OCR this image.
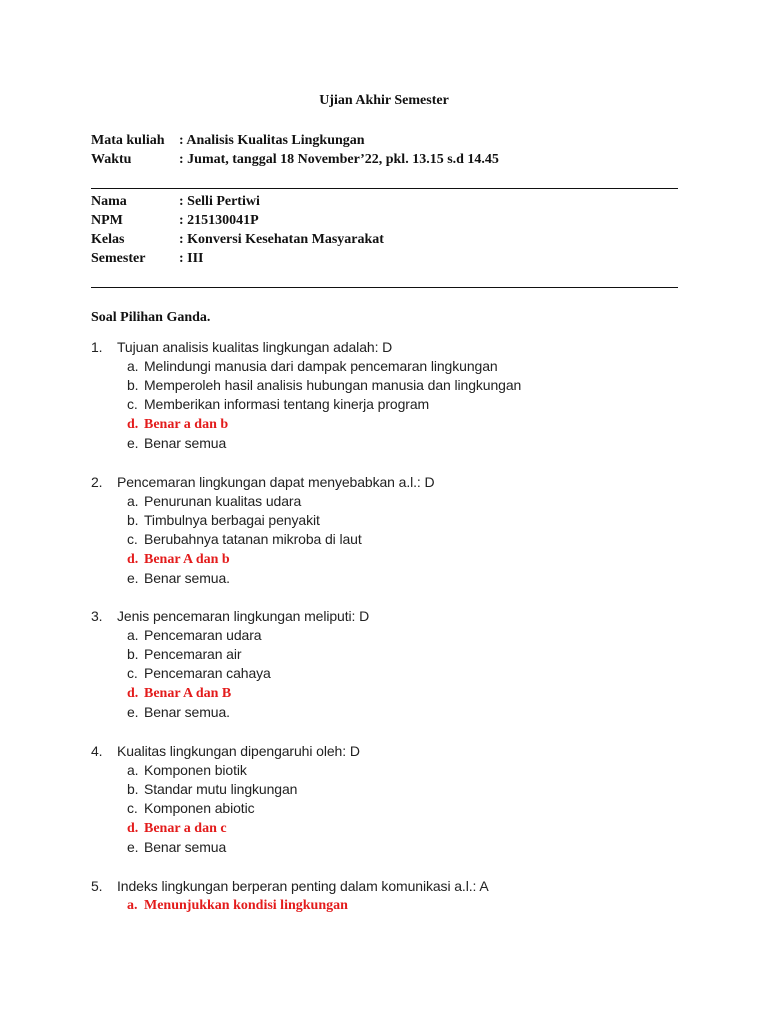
Ujian Akhir Semester
Mata kuliah : Analisis Kualitas Lingkungan
Waktu	: Jumat, tanggal 18 November’22, pkl. 13.15 s.d 14.45
Nama	: Selli Pertiwi
NPM	: 215130041P
Kelas	: Konversi Kesehatan Masyarakat
Semester : III
Soal Pilihan Ganda.
1. Tujuan analisis kualitas lingkungan adalah: D
a. Melindungi manusia dari dampak pencemaran lingkungan
b. Memperoleh hasil analisis hubungan manusia dan lingkungan
c. Memberikan informasi tentang kinerja program
d. Benar a dan b
e. Benar semua
2. Pencemaran lingkungan dapat menyebabkan a.l.: D
a. Penurunan kualitas udara
b. Timbulnya berbagai penyakit
c. Berubahnya tatanan mikroba di laut
d. Benar A dan b
e. Benar semua.
3. Jenis pencemaran lingkungan meliputi: D
a. Pencemaran udara
b. Pencemaran air
c. Pencemaran cahaya
d. Benar A dan B
e. Benar semua.
4. Kualitas lingkungan dipengaruhi oleh: D
a. Komponen biotik
b. Standar mutu lingkungan
c. Komponen abiotic
d. Benar a dan c
e. Benar semua
5. Indeks lingkungan berperan penting dalam komunikasi a.l.: A
a. Menunjukkan kondisi lingkungan
